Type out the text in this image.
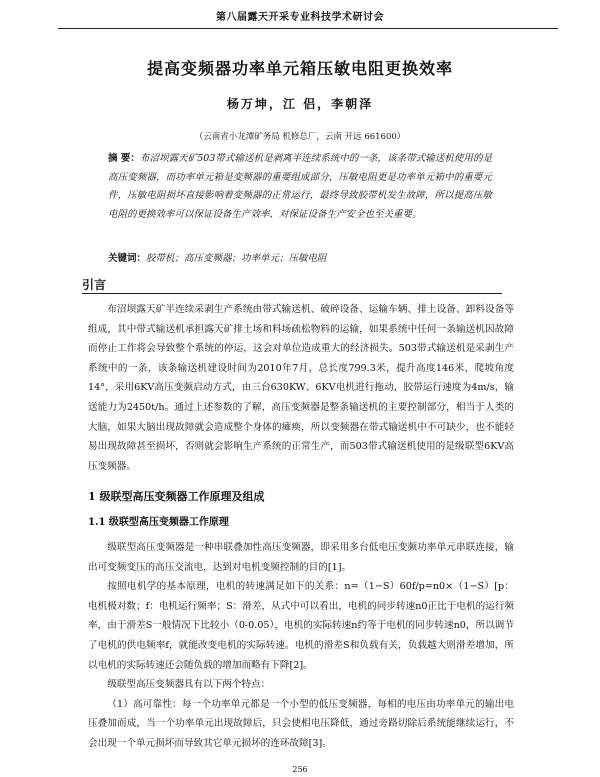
第八届露天开采专业科技学术研讨会
提高变频器功率单元箱压敏电阻更换效率
杨万坤，江 侣，李朝泽
（云南省小龙潭矿务局 机修总厂，云南 开远 661600）
摘 要：布沼坝露天矿503带式输送机是剥离半连续系统中的一条，该条带式输送机使用的是高压变频器，而功率单元箱是变频器的重要组成部分，压敏电阻更是功率单元箱中的重要元件，压敏电阻损坏直接影响着变频器的正常运行，最终导致胶带机发生故障，所以提高压敏电阻的更换效率可以保证设备生产效率，对保证设备生产安全也至关重要。
关键词：胶带机；高压变频器；功率单元；压敏电阻
引言

布沼坝露天矿半连续采剥生产系统由带式输送机、破碎设备、运输车辆、排土设备、卸料设备等组成，其中带式输送机承担露天矿排土场和料场疏松物料的运输，如果系统中任何一条输送机因故障而停止工作将会导致整个系统的停运，这会对单位造成重大的经济损失。503带式输送机是采剥生产系统中的一条，该条输送机建设时间为2010年7月，总长度799.3米，提升高度146米，爬坡角度14°，采用6KV高压变频启动方式，由三台630KW、6KV电机进行拖动，胶带运行速度为4m/s，输送能力为2450t/h。通过上述参数的了解，高压变频器是整条输送机的主要控制部分，相当于人类的大脑，如果大脑出现故障就会造成整个身体的瘫痪，所以变频器在带式输送机中不可缺少，也不能轻易出现故障甚至损坏，否则就会影响生产系统的正常生产，而503带式输送机使用的是级联型6KV高压变频器。

1 级联型高压变频器工作原理及组成
1.1 级联型高压变频器工作原理

级联型高压变频器是一种串联叠加性高压变频器，即采用多台低电压变频功率单元串联连接，输出可变频变压的高压交流电，达到对电机变频控制的目的[1]。

按照电机学的基本原理，电机的转速满足如下的关系：n=（1−S）60f/p=n0×（1−S）[p：电机极对数；f：电机运行频率；S：滑差，从式中可以看出，电机的同步转速n0正比于电机的运行频率，由于滑差S一般情况下比较小（0-0.05），电机的实际转速n约等于电机的同步转速n0，所以调节了电机的供电频率f，就能改变电机的实际转速。电机的滑差S和负载有关，负载越大则滑差增加，所以电机的实际转速还会随负载的增加而略有下降[2]。

级联型高压变频器具有以下两个特点：

（1）高可靠性：每一个功率单元都是一个小型的低压变频器，每相的电压由功率单元的输出电压叠加而成，当一个功率单元出现故障后，只会使相电压降低，通过旁路切除后系统能继续运行，不会出现一个单元损坏而导致其它单元损坏的连环故障[3]。

256
